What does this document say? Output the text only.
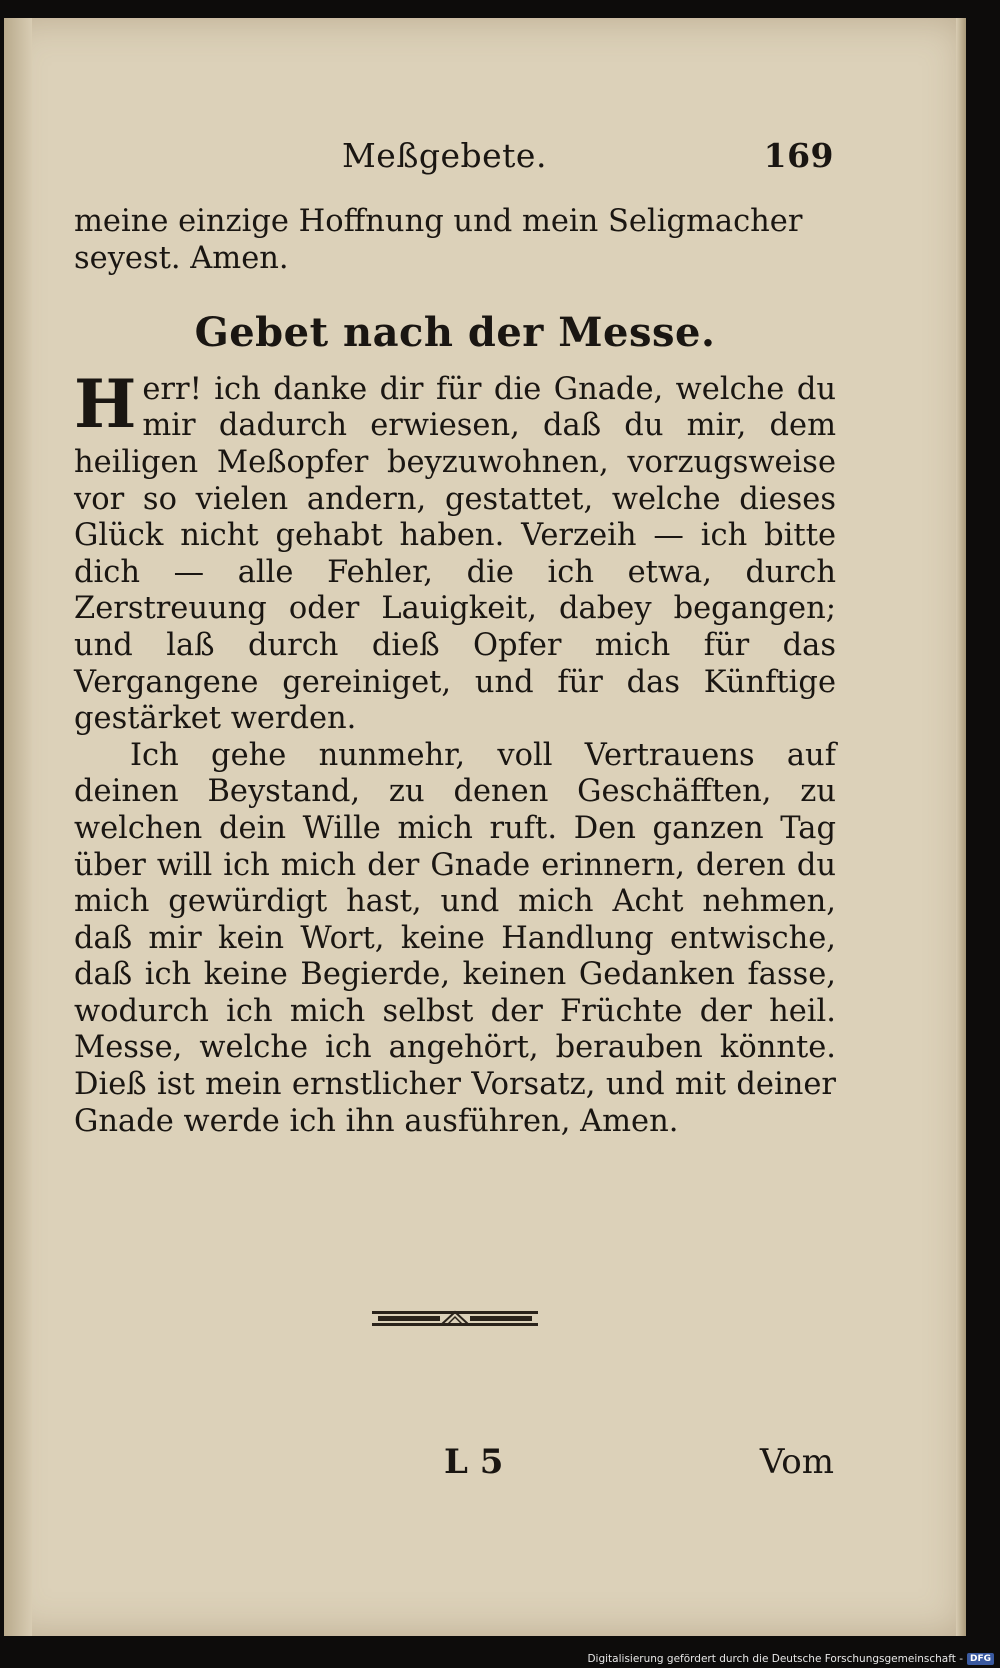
Meßgebete.	169

meine einzige Hoffnung und mein Seligmacher seyest. Amen.

Gebet nach der Messe.

Herr! ich danke dir für die Gnade, welche du mir dadurch erwiesen, daß du mir, dem heiligen Meßopfer beyzuwohnen, vorzugsweise vor so vielen andern, gestattet, welche dieses Glück nicht gehabt haben. Verzeih — ich bitte dich — alle Fehler, die ich etwa, durch Zerstreuung oder Lauigkeit, dabey begangen; und laß durch dieß Opfer mich für das Vergangene gereiniget, und für das Künftige gestärket werden.

Ich gehe nunmehr, voll Vertrauens auf deinen Beystand, zu denen Geschäfften, zu welchen dein Wille mich ruft. Den ganzen Tag über will ich mich der Gnade erinnern, deren du mich gewürdigt hast, und mich Acht nehmen, daß mir kein Wort, keine Handlung entwische, daß ich keine Begierde, keinen Gedanken fasse, wodurch ich mich selbst der Früchte der heil. Messe, welche ich angehört, berauben könnte. Dieß ist mein ernstlicher Vorsatz, und mit deiner Gnade werde ich ihn ausführen, Amen.

L 5	Vom
Digitalisierung gefördert durch die Deutsche Forschungsgemeinschaft - DFG
